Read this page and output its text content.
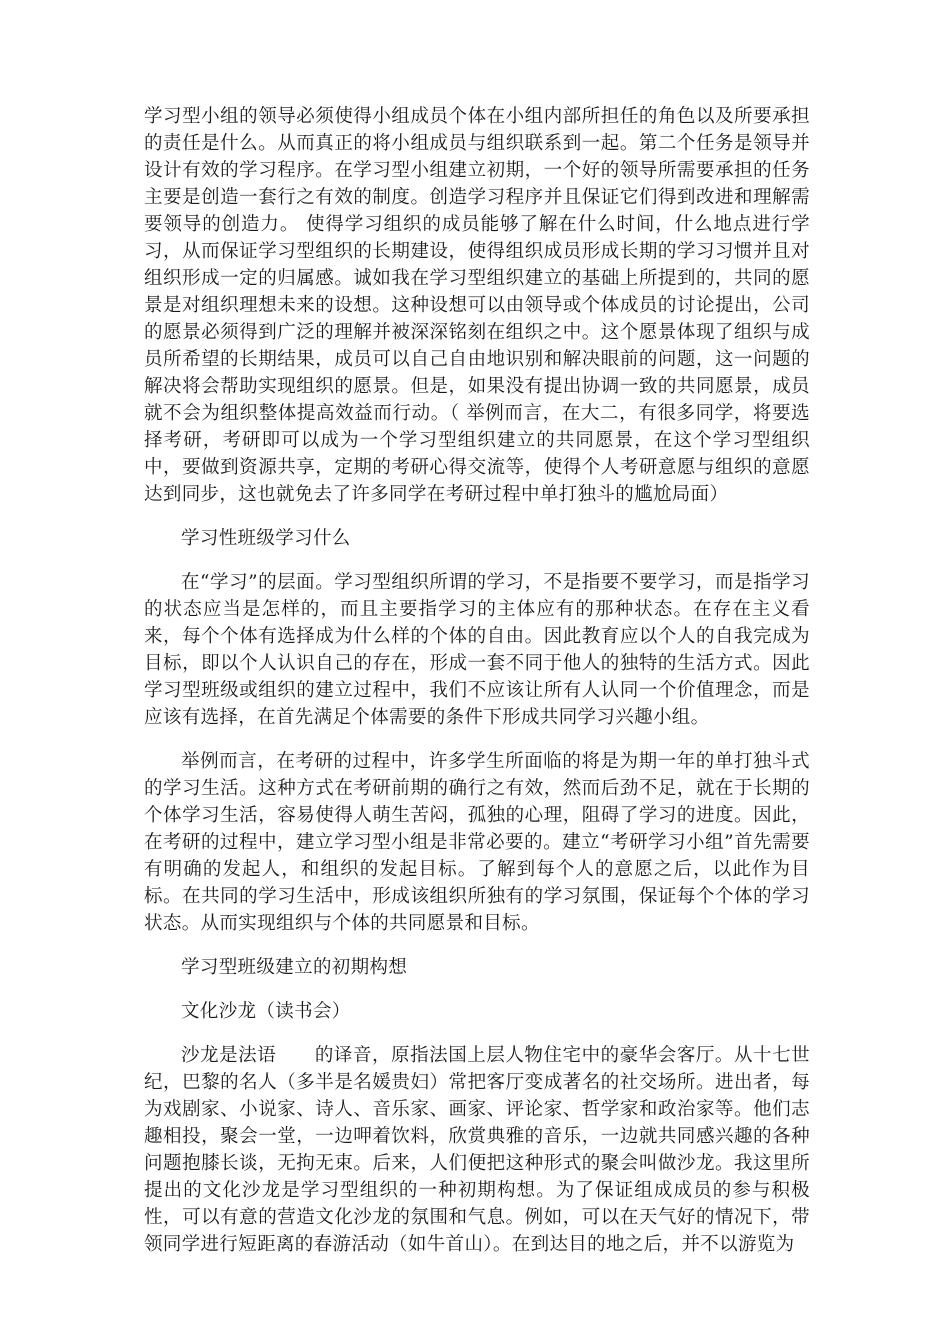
学习型小组的领导必须使得小组成员个体在小组内部所担任的角色以及所要承担的责任是什么。从而真正的将小组成员与组织联系到一起。第二个任务是领导并设计有效的学习程序。在学习型小组建立初期，一个好的领导所需要承担的任务主要是创造一套行之有效的制度。创造学习程序并且保证它们得到改进和理解需要领导的创造力。 使得学习组织的成员能够了解在什么时间，什么地点进行学习，从而保证学习型组织的长期建设，使得组织成员形成长期的学习习惯并且对组织形成一定的归属感。诚如我在学习型组织建立的基础上所提到的，共同的愿景是对组织理想未来的设想。这种设想可以由领导或个体成员的讨论提出，公司的愿景必须得到广泛的理解并被深深铭刻在组织之中。这个愿景体现了组织与成员所希望的长期结果，成员可以自己自由地识别和解决眼前的问题，这一问题的解决将会帮助实现组织的愿景。但是，如果没有提出协调一致的共同愿景，成员就不会为组织整体提高效益而行动。（ 举例而言，在大二，有很多同学，将要选择考研，考研即可以成为一个学习型组织建立的共同愿景，在这个学习型组织中，要做到资源共享，定期的考研心得交流等，使得个人考研意愿与组织的意愿达到同步，这也就免去了许多同学在考研过程中单打独斗的尴尬局面）

学习性班级学习什么

在“学习”的层面。学习型组织所谓的学习，不是指要不要学习，而是指学习的状态应当是怎样的，而且主要指学习的主体应有的那种状态。在存在主义看来，每个个体有选择成为什么样的个体的自由。因此教育应以个人的自我完成为目标，即以个人认识自己的存在，形成一套不同于他人的独特的生活方式。因此学习型班级或组织的建立过程中，我们不应该让所有人认同一个价值理念，而是应该有选择，在首先满足个体需要的条件下形成共同学习兴趣小组。

举例而言，在考研的过程中，许多学生所面临的将是为期一年的单打独斗式的学习生活。这种方式在考研前期的确行之有效，然而后劲不足，就在于长期的个体学习生活，容易使得人萌生苦闷，孤独的心理，阻碍了学习的进度。因此，在考研的过程中，建立学习型小组是非常必要的。建立“考研学习小组”首先需要有明确的发起人，和组织的发起目标。了解到每个人的意愿之后，以此作为目标。在共同的学习生活中，形成该组织所独有的学习氛围，保证每个个体的学习状态。从而实现组织与个体的共同愿景和目标。

学习型班级建立的初期构想

文化沙龙（读书会）

沙龙是法语      的译音，原指法国上层人物住宅中的豪华会客厅。从十七世纪，巴黎的名人（多半是名媛贵妇）常把客厅变成著名的社交场所。进出者，每为戏剧家、小说家、诗人、音乐家、画家、评论家、哲学家和政治家等。他们志趣相投，聚会一堂，一边呷着饮料，欣赏典雅的音乐，一边就共同感兴趣的各种问题抱膝长谈，无拘无束。后来，人们便把这种形式的聚会叫做沙龙。我这里所提出的文化沙龙是学习型组织的一种初期构想。为了保证组成成员的参与积极性，可以有意的营造文化沙龙的氛围和气息。例如，可以在天气好的情况下，带领同学进行短距离的春游活动（如牛首山）。在到达目的地之后，并不以游览为
